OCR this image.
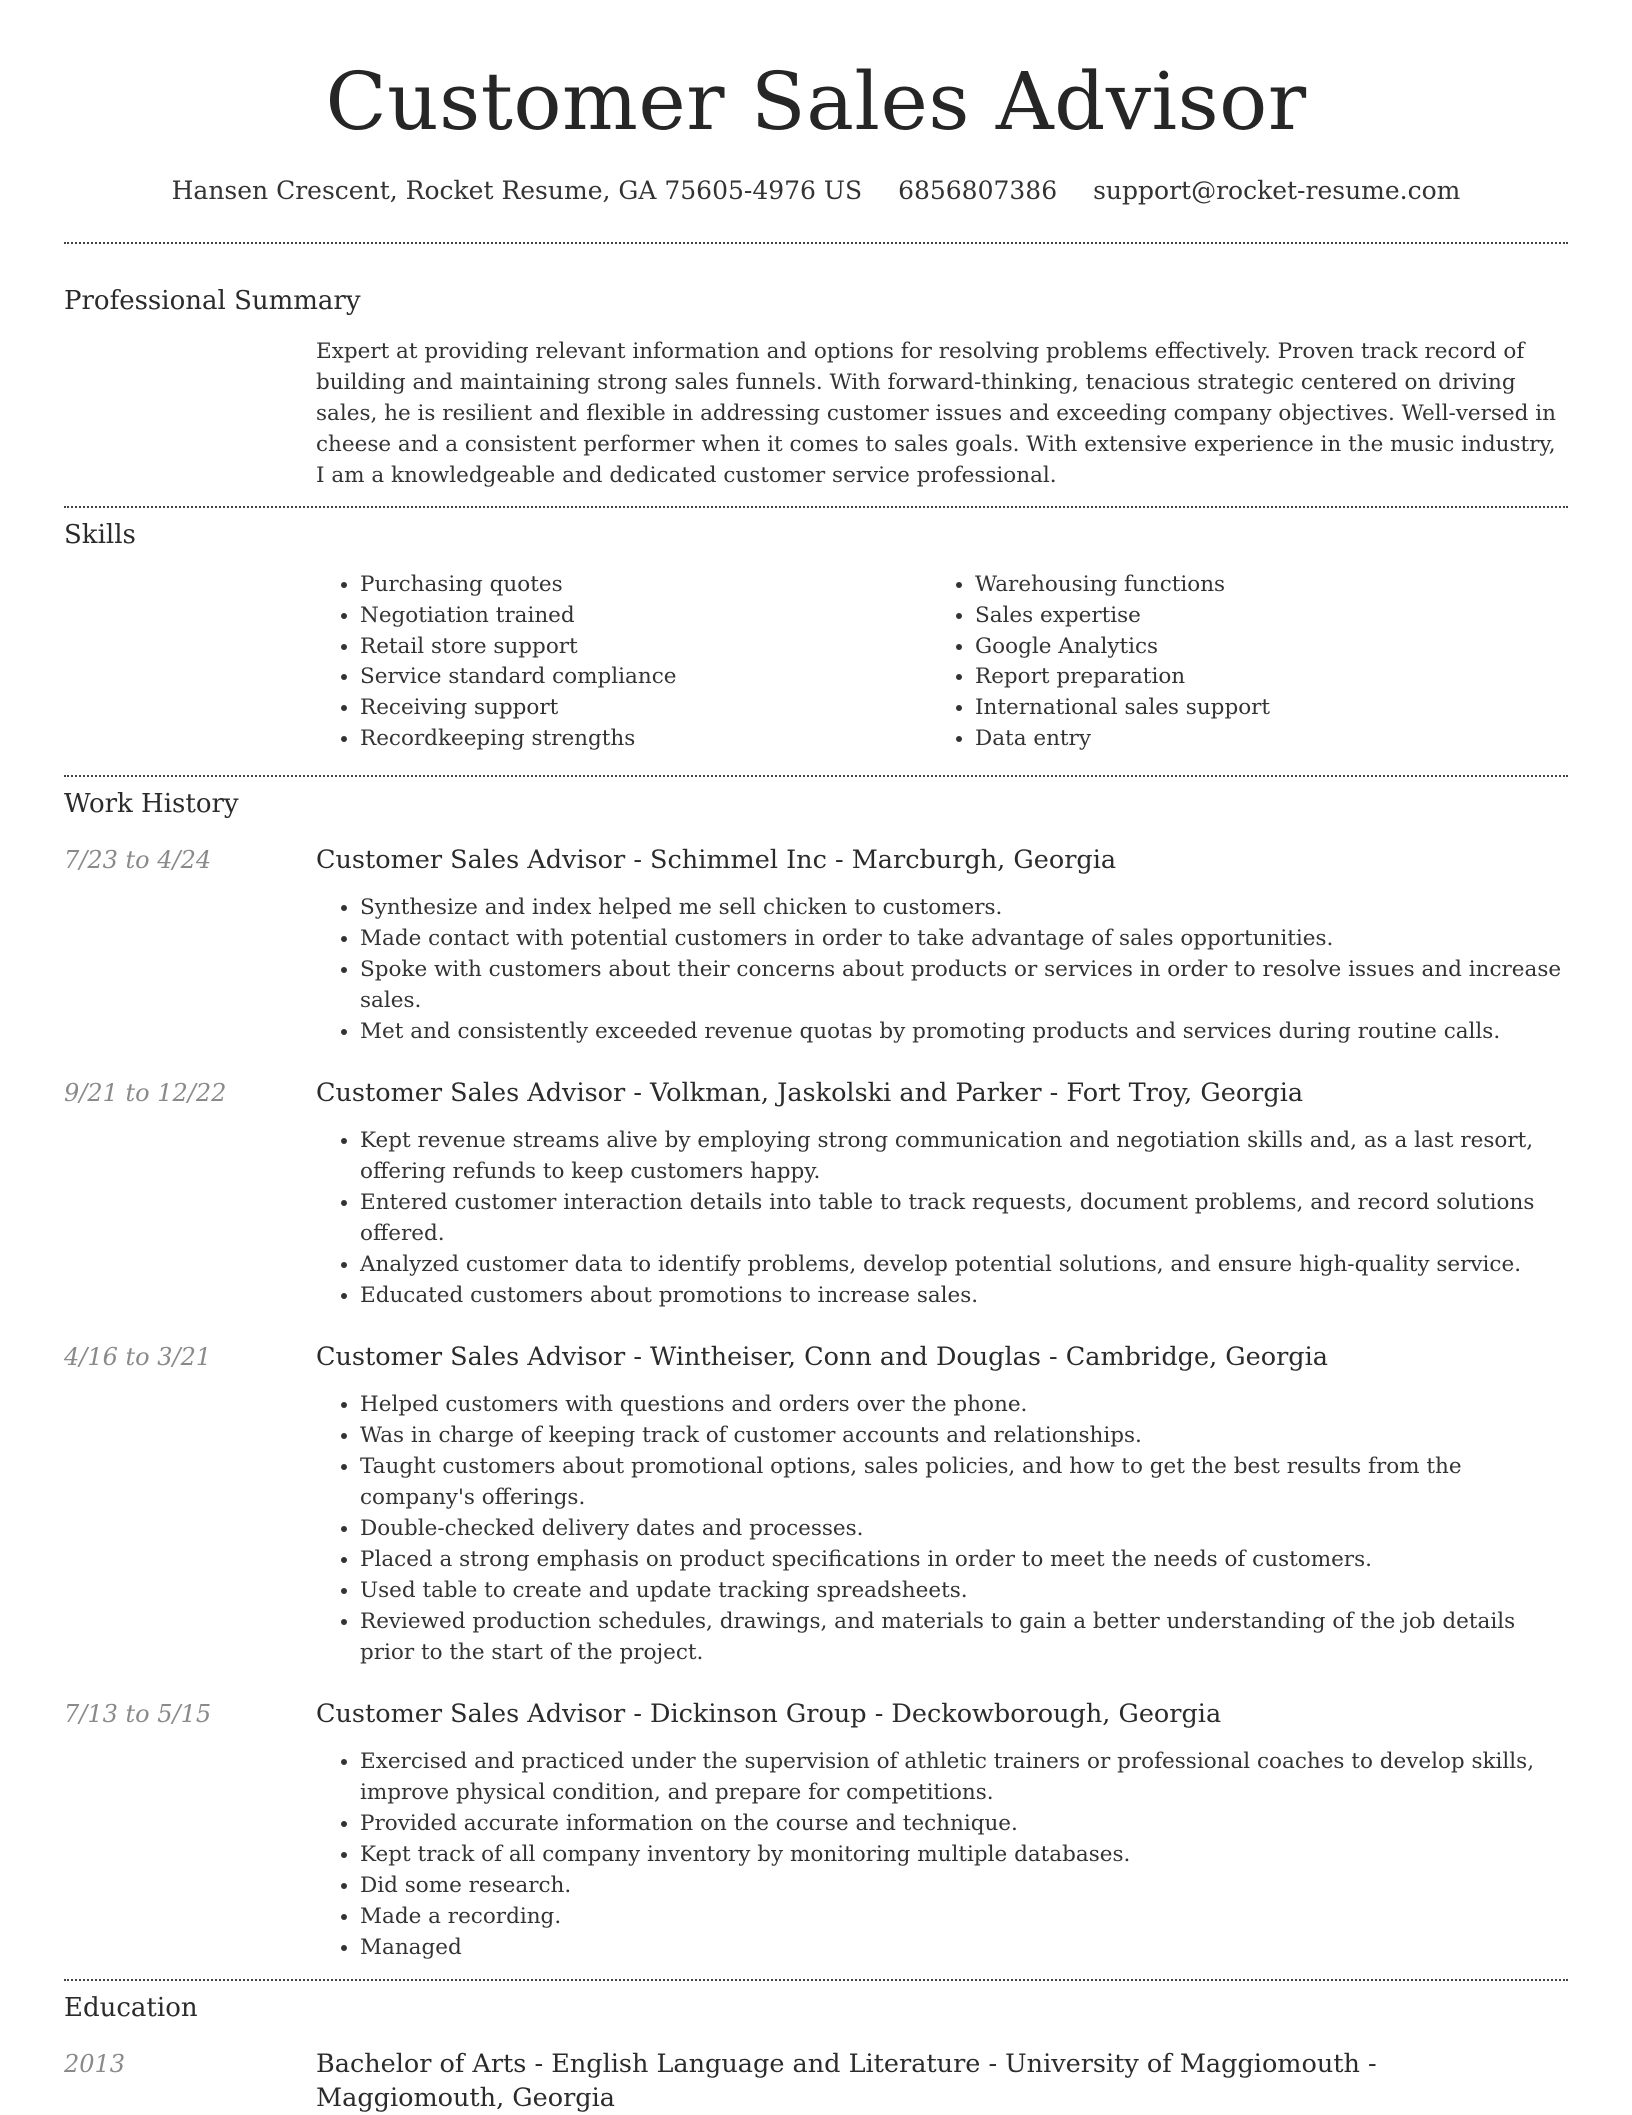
Customer Sales Advisor
Hansen Crescent, Rocket Resume, GA 75605-4976 US 6856807386 support@rocket-resume.com
Professional Summary
Expert at providing relevant information and options for resolving problems effectively. Proven track record of building and maintaining strong sales funnels. With forward-thinking, tenacious strategic centered on driving sales, he is resilient and flexible in addressing customer issues and exceeding company objectives. Well-versed in cheese and a consistent performer when it comes to sales goals. With extensive experience in the music industry, I am a knowledgeable and dedicated customer service professional.
Skills
• Purchasing quotes
• Negotiation trained
• Retail store support
• Service standard compliance
• Receiving support
• Recordkeeping strengths
• Warehousing functions
• Sales expertise
• Google Analytics
• Report preparation
• International sales support
• Data entry
Work History
7/23 to 4/24	Customer Sales Advisor - Schimmel Inc - Marcburgh, Georgia
• Synthesize and index helped me sell chicken to customers.
• Made contact with potential customers in order to take advantage of sales opportunities.
• Spoke with customers about their concerns about products or services in order to resolve issues and increase sales.
• Met and consistently exceeded revenue quotas by promoting products and services during routine calls.
9/21 to 12/22	Customer Sales Advisor - Volkman, Jaskolski and Parker - Fort Troy, Georgia
• Kept revenue streams alive by employing strong communication and negotiation skills and, as a last resort, offering refunds to keep customers happy.
• Entered customer interaction details into table to track requests, document problems, and record solutions offered.
• Analyzed customer data to identify problems, develop potential solutions, and ensure high-quality service.
• Educated customers about promotions to increase sales.
4/16 to 3/21	Customer Sales Advisor - Wintheiser, Conn and Douglas - Cambridge, Georgia
• Helped customers with questions and orders over the phone.
• Was in charge of keeping track of customer accounts and relationships.
• Taught customers about promotional options, sales policies, and how to get the best results from the company's offerings.
• Double-checked delivery dates and processes.
• Placed a strong emphasis on product specifications in order to meet the needs of customers.
• Used table to create and update tracking spreadsheets.
• Reviewed production schedules, drawings, and materials to gain a better understanding of the job details prior to the start of the project.
7/13 to 5/15	Customer Sales Advisor - Dickinson Group - Deckowborough, Georgia
• Exercised and practiced under the supervision of athletic trainers or professional coaches to develop skills, improve physical condition, and prepare for competitions.
• Provided accurate information on the course and technique.
• Kept track of all company inventory by monitoring multiple databases.
• Did some research.
• Made a recording.
• Managed
Education
2013	Bachelor of Arts - English Language and Literature - University of Maggiomouth - Maggiomouth, Georgia
